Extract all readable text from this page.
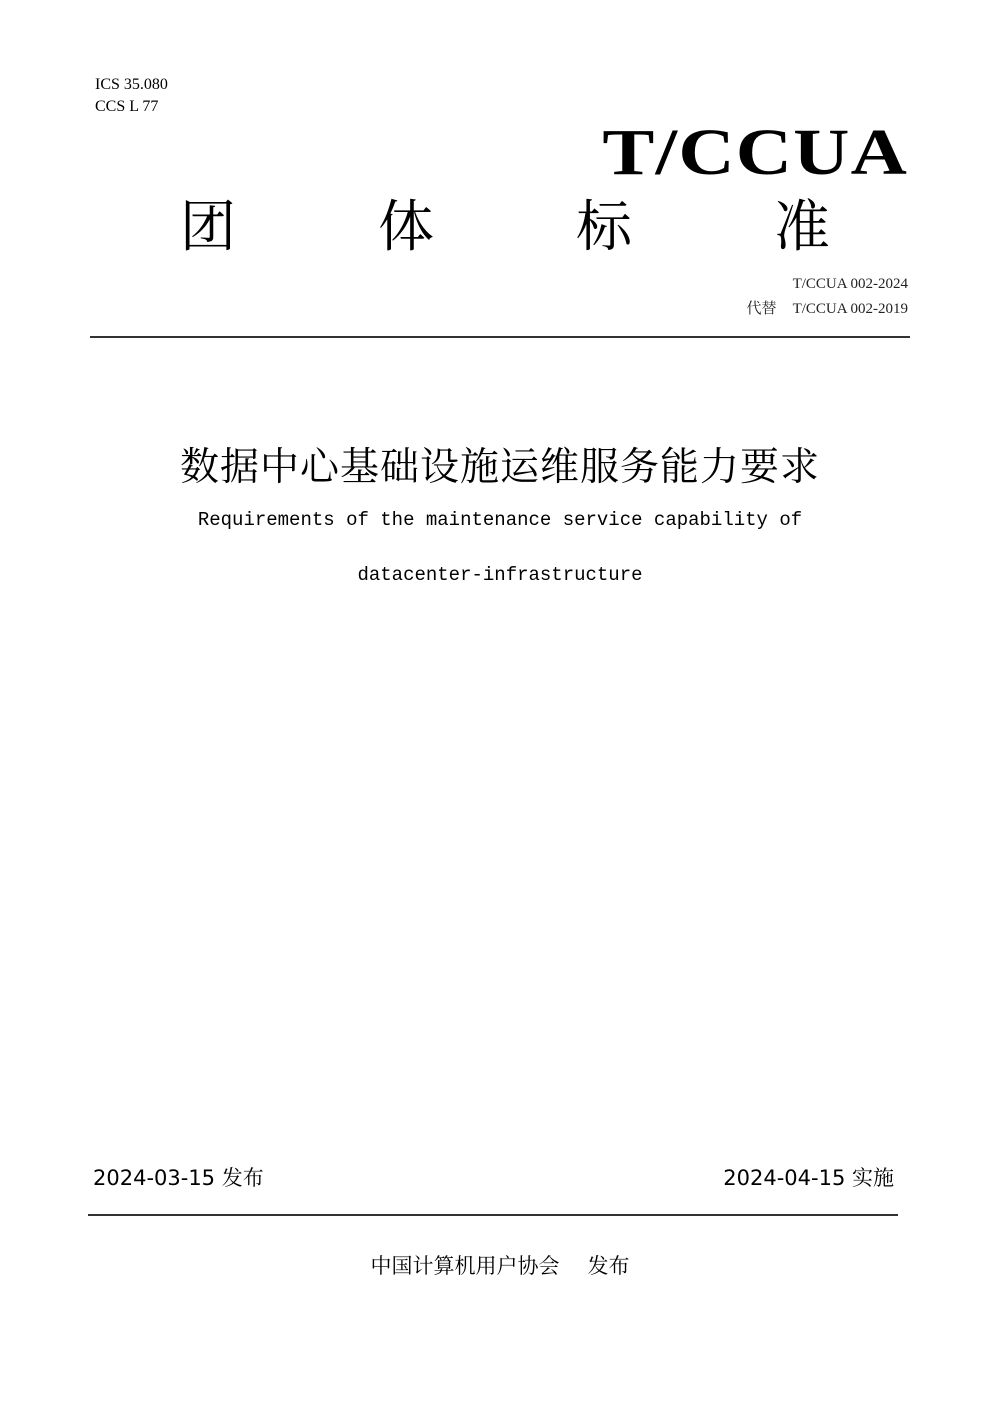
ICS 35.080
CCS L 77
T/CCUA
团	体	标	准
T/CCUA 002-2024
代替 T/CCUA 002-2019
数据中心基础设施运维服务能力要求
Requirements of the maintenance service capability of
datacenter-infrastructure
2024-03-15 发布	2024-04-15 实施
中国计算机用户协会 发布
